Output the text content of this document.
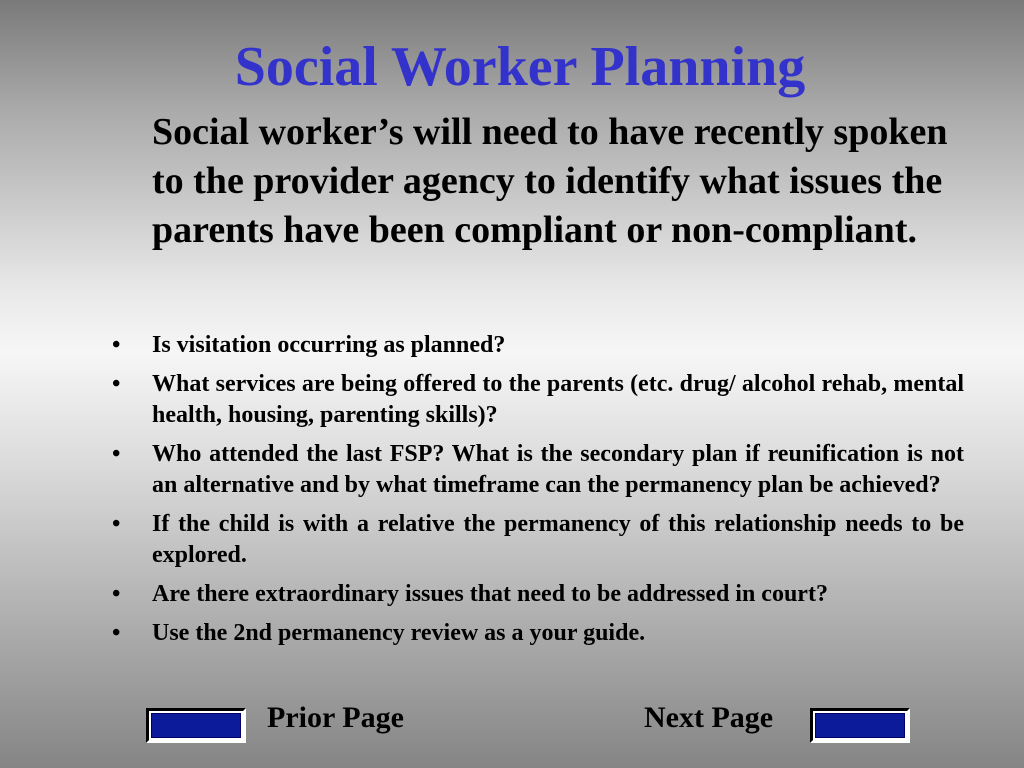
Social Worker Planning
Social worker’s will need to have recently spoken to the provider agency to identify what issues the parents have been compliant or non-compliant.
•	Is visitation occurring as planned?
•	What services are being offered to the parents (etc. drug/ alcohol rehab, mental health, housing, parenting skills)?
•	Who attended the last FSP? What is the secondary plan if reunification is not an alternative and by what timeframe can the permanency plan be achieved?
•	If the child is with a relative the permanency of this relationship needs to be explored.
•	Are there extraordinary issues that need to be addressed in court?
•	Use the 2nd permanency review as a your guide.
Prior Page	Next Page
